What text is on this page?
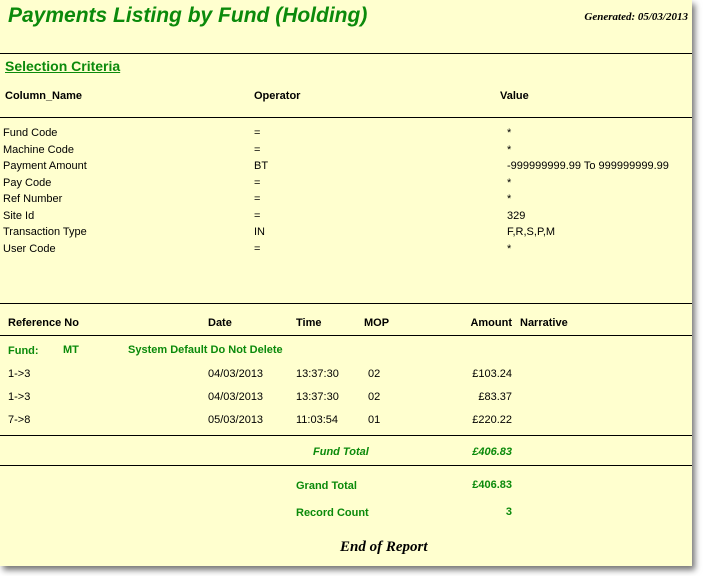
Payments Listing by Fund (Holding)	Generated: 05/03/2013
Selection Criteria
Column_Name	Operator	Value
Fund Code	=	*
Machine Code	=	*
Payment Amount	BT	-999999999.99 To 999999999.99
Pay Code	=	*
Ref Number	=	*
Site Id	=	329
Transaction Type	IN	F,R,S,P,M
User Code	=	*
Reference No	Date	Time	MOP	Amount Narrative
Fund: MT	System Default Do Not Delete
1->3	04/03/2013	13:37:30	02	£103.24
1->3	04/03/2013	13:37:30	02	£83.37
7->8	05/03/2013	11:03:54	01	£220.22
Fund Total	£406.83
Grand Total	£406.83
Record Count	3
End of Report
